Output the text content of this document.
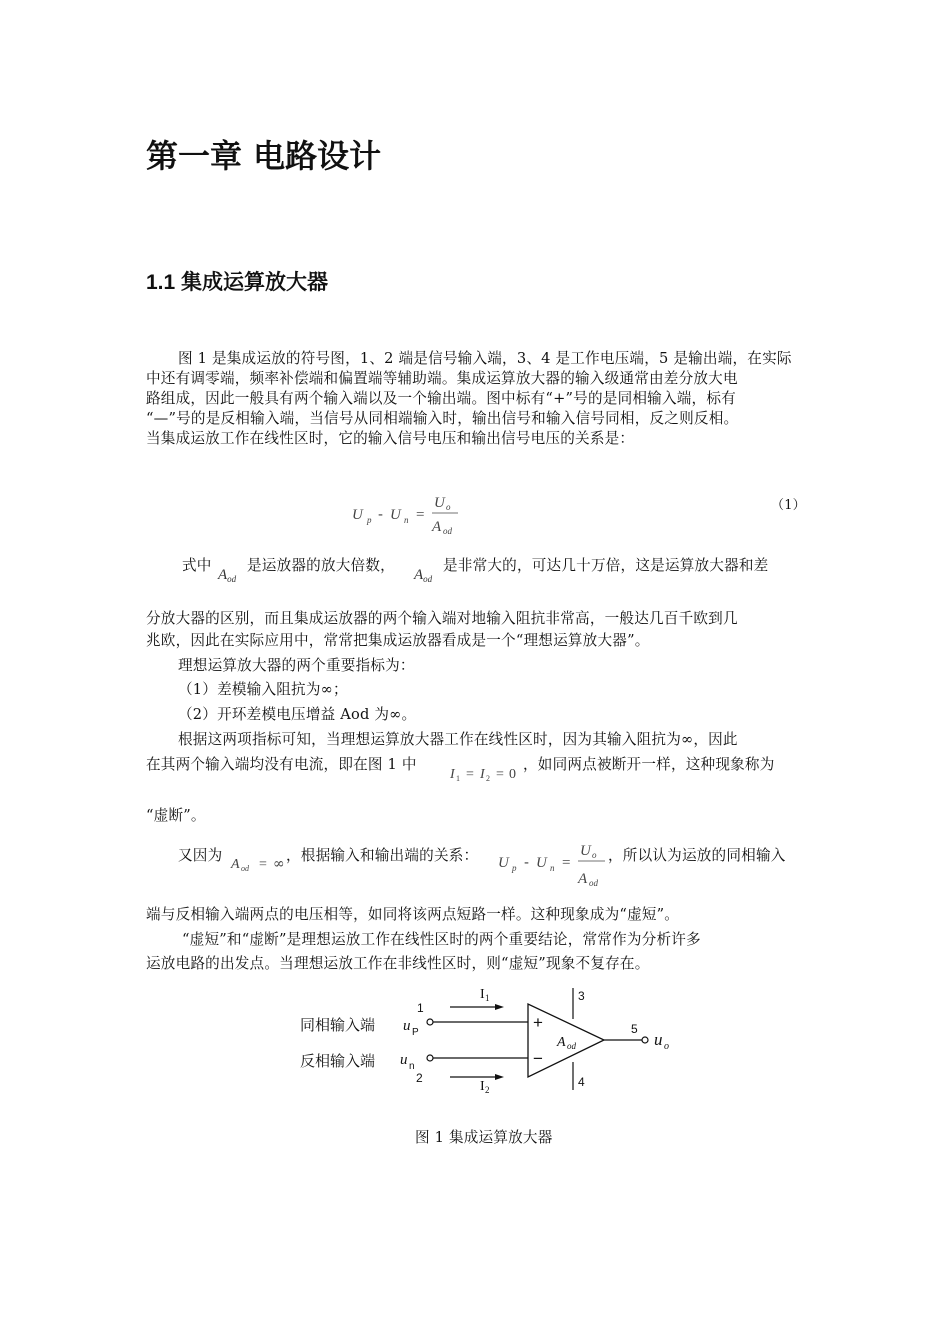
第一章 电路设计
1.1 集成运算放大器
图 1 是集成运放的符号图，1、2 端是信号输入端，3、4 是工作电压端，5 是输出端，在实际
中还有调零端，频率补偿端和偏置端等辅助端。集成运算放大器的输入级通常由差分放大电
路组成，因此一般具有两个输入端以及一个输出端。图中标有“+”号的是同相输入端，标有
“—”号的是反相输入端，当信号从同相端输入时，输出信号和输入信号同相，反之则反相。
当集成运放工作在线性区时，它的输入信号电压和输出信号电压的关系是：
U p - U n =
U o
A od
（1）
式中
$A_{od}$
是运放器的放大倍数，
$A_{od}$
是非常大的，可达几十万倍，这是运算放大器和差
分放大器的区别，而且集成运放器的两个输入端对地输入阻抗非常高，一般达几百千欧到几
兆欧，因此在实际应用中，常常把集成运放器看成是一个“理想运算放大器”。
理想运算放大器的两个重要指标为：
（1）差模输入阻抗为∞；
（2）开环差模电压增益 Aod 为∞。
根据这两项指标可知，当理想运算放大器工作在线性区时，因为其输入阻抗为∞，因此
在其两个输入端均没有电流，即在图 1 中
I 1 = I 2 = 0
，如同两点被断开一样，这种现象称为
“虚断”。
又因为
A od = ∞ ，根据输入和输出端的关系： U p - U n =
U o
A od
，所以认为运放的同相输入
端与反相输入端两点的电压相等，如同将该两点短路一样。这种现象成为“虚短”。
“虚短”和“虚断”是理想运放工作在线性区时的两个重要结论，常常作为分析许多
运放电路的出发点。当理想运放工作在非线性区时，则“虚短”现象不复存在。
同相输入端
反相输入端
1
2
3
4
5
u P
u n
I 1
I 2
+
−
A od	u o
图 1 集成运算放大器
